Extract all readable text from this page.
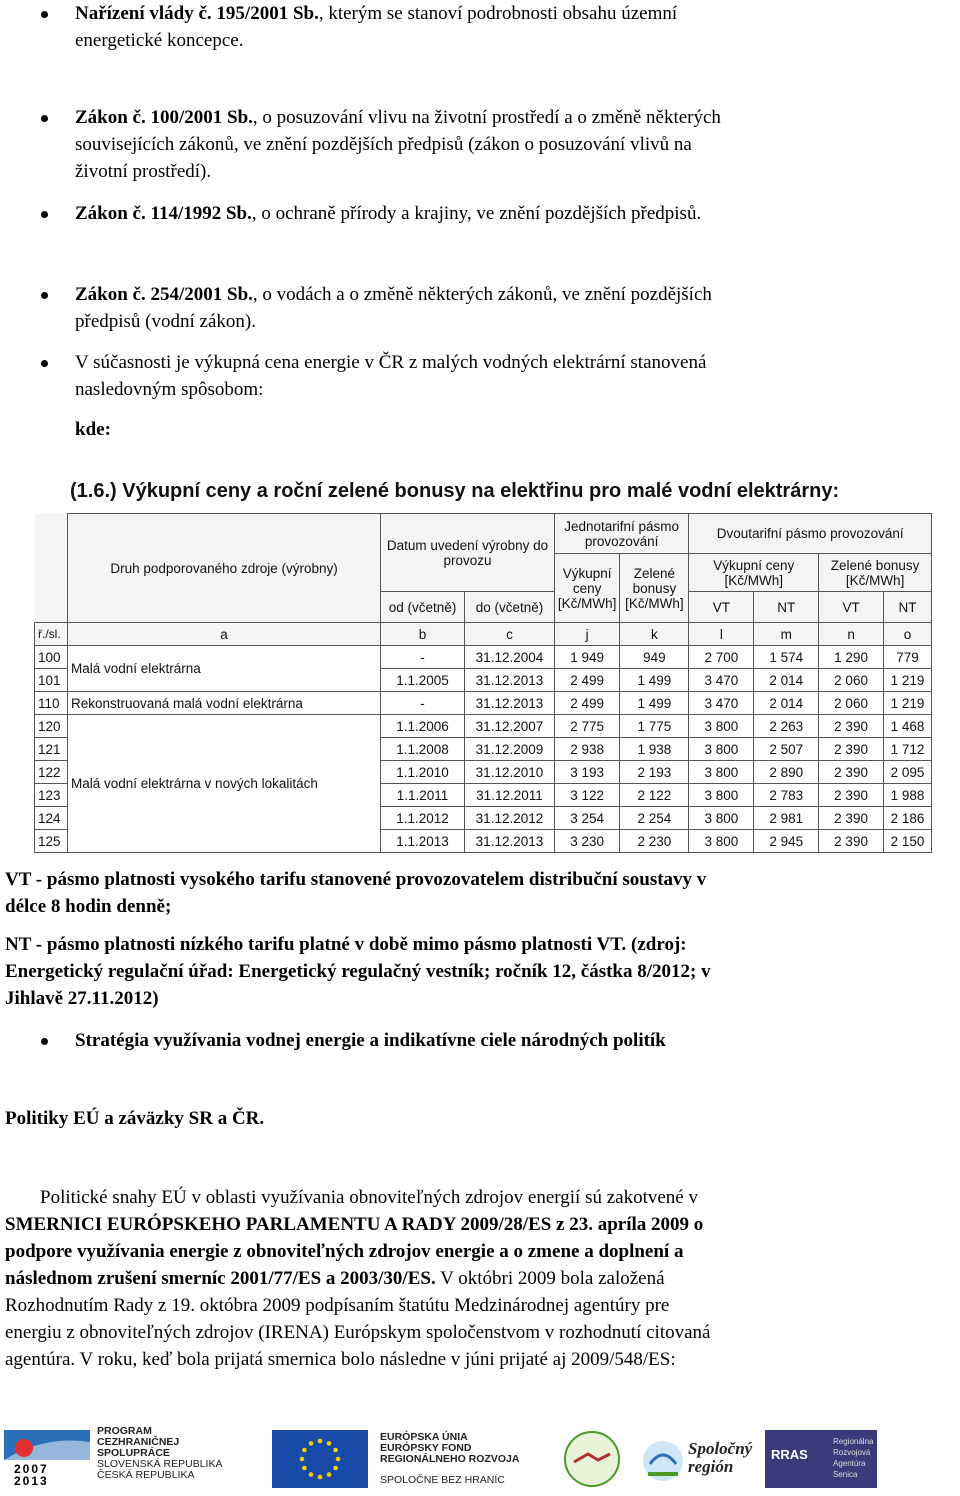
Nařízení vlády č. 195/2001 Sb., kterým se stanoví podrobnosti obsahu územní
energetické koncepce.
Zákon č. 100/2001 Sb., o posuzování vlivu na životní prostředí a o změně některých
souvisejících zákonů, ve znění pozdějších předpisů (zákon o posuzování vlivů na
životní prostředí).
Zákon č. 114/1992 Sb., o ochraně přírody a krajiny, ve znění pozdějších předpisů.
Zákon č. 254/2001 Sb., o vodách a o změně některých zákonů, ve znění pozdějších
předpisů (vodní zákon).
V súčasnosti je výkupná cena energie v ČR z malých vodných elektrární stanovená
nasledovným spôsobom:
kde:
(1.6.) Výkupní ceny a roční zelené bonusy na elektřinu pro malé vodní elektrárny:
	Druh podporovaného zdroje (výrobny)	Datum uvedení výrobny do provozu		Jednotarifní pásmo provozování		Dvoutarifní pásmo provozování			
				Výkupní ceny [Kč/MWh]	Zelené bonusy [Kč/MWh]	Výkupní ceny [Kč/MWh]		Zelené bonusy [Kč/MWh]	
		od (včetně)	do (včetně)			VT	NT	VT	NT
ř./sl.	a	b	c	j	k	l	m	n	o
100	Malá vodní elektrárna	-	31.12.2004	1 949	949	2 700	1 574	1 290	779
101		1.1.2005	31.12.2013	2 499	1 499	3 470	2 014	2 060	1 219
110	Rekonstruovaná malá vodní elektrárna	-	31.12.2013	2 499	1 499	3 470	2 014	2 060	1 219
120	Malá vodní elektrárna v nových lokalitách	1.1.2006	31.12.2007	2 775	1 775	3 800	2 263	2 390	1 468
121		1.1.2008	31.12.2009	2 938	1 938	3 800	2 507	2 390	1 712
122		1.1.2010	31.12.2010	3 193	2 193	3 800	2 890	2 390	2 095
123		1.1.2011	31.12.2011	3 122	2 122	3 800	2 783	2 390	1 988
124		1.1.2012	31.12.2012	3 254	2 254	3 800	2 981	2 390	2 186
125		1.1.2013	31.12.2013	3 230	2 230	3 800	2 945	2 390	2 150
VT - pásmo platnosti vysokého tarifu stanovené provozovatelem distribuční soustavy v
délce 8 hodin denně;
NT - pásmo platnosti nízkého tarifu platné v době mimo pásmo platnosti VT. (zdroj:
Energetický regulační úřad: Energetický regulačný vestník; ročník 12, částka 8/2012; v
Jihlavě 27.11.2012)
Stratégia využívania vodnej energie a indikatívne ciele národných politík
Politiky EÚ a záväzky SR a ČR.
Politické snahy EÚ v oblasti využívania obnoviteľných zdrojov energií sú zakotvené v
SMERNICI EURÓPSKEHO PARLAMENTU A RADY 2009/28/ES z 23. apríla 2009 o
podpore využívania energie z obnoviteľných zdrojov energie a o zmene a doplnení a
následnom zrušení smerníc 2001/77/ES a 2003/30/ES. V októbri 2009 bola založená
Rozhodnutím Rady z 19. októbra 2009 podpísaním štatútu Medzinárodnej agentúry pre
energiu z obnoviteľných zdrojov (IRENA) Európskym spoločenstvom v rozhodnutí citovaná
agentúra. V roku, keď bola prijatá smernica bolo následne v júni prijaté aj 2009/548/ES:
2007
2013
PROGRAM
CEZHRANIČNEJ
SPOLUPRÁCE
SLOVENSKÁ REPUBLIKA
ČESKÁ REPUBLIKA
EURÓPSKA ÚNIA
EURÓPSKY FOND
REGIONÁLNEHO ROZVOJA
SPOLOČNE BEZ HRANÍC
Spoločný región
RRAS
Regionálna
Rozvojová
Agentúra
Senica
